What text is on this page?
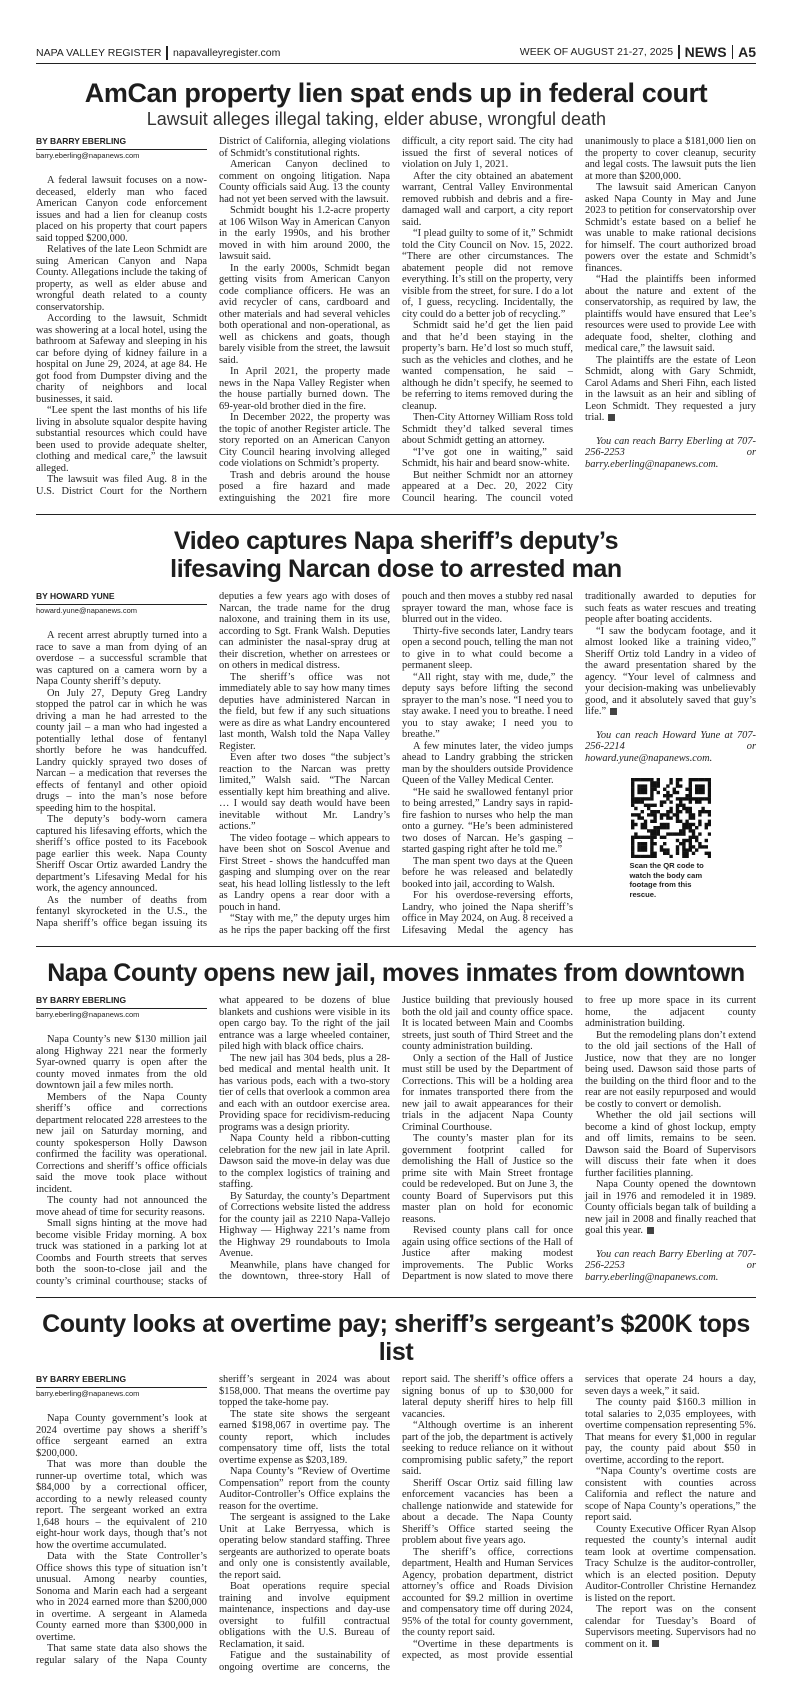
NAPA VALLEY REGISTER napavalleyregister.com	WEEK OF AUGUST 21-27, 2025 NEWS A5
AmCan property lien spat ends up in federal court
Lawsuit alleges illegal taking, elder abuse, wrongful death
BY BARRY EBERLING
barry.eberling@napanews.com

A federal lawsuit focuses on a now-deceased, elderly man who faced American Canyon code enforcement issues and had a lien for cleanup costs placed on his property that court papers said topped $200,000.

Relatives of the late Leon Schmidt are suing American Canyon and Napa County. Allegations include the taking of property, as well as elder abuse and wrongful death related to a county conservatorship.

According to the lawsuit, Schmidt was showering at a local hotel, using the bathroom at Safeway and sleeping in his car before dying of kidney failure in a hospital on June 29, 2024, at age 84. He got food from Dumpster diving and the charity of neighbors and local businesses, it said.

“Lee spent the last months of his life living in absolute squalor despite having substantial resources which could have been used to provide adequate shelter, clothing and medical care,” the lawsuit alleged.

The lawsuit was filed Aug. 8 in the U.S. District Court for the Northern District of California, alleging violations of Schmidt’s constitutional rights.

American Canyon declined to comment on ongoing litigation. Napa County officials said Aug. 13 the county had not yet been served with the lawsuit.

Schmidt bought his 1.2-acre property at 106 Wilson Way in American Canyon in the early 1990s, and his brother moved in with him around 2000, the lawsuit said.

In the early 2000s, Schmidt began getting visits from American Canyon code compliance officers. He was an avid recycler of cans, cardboard and other materials and had several vehicles both operational and non-operational, as well as chickens and goats, though barely visible from the street, the lawsuit said.

In April 2021, the property made news in the Napa Valley Register when the house partially burned down. The 69-year-old brother died in the fire.

In December 2022, the property was the topic of another Register article. The story reported on an American Canyon City Council hearing involving alleged code violations on Schmidt’s property.

Trash and debris around the house posed a fire hazard and made extinguishing the 2021 fire more difficult, a city report said. The city had issued the first of several notices of violation on July 1, 2021.

After the city obtained an abatement warrant, Central Valley Environmental removed rubbish and debris and a fire-damaged wall and carport, a city report said.

“I plead guilty to some of it,” Schmidt told the City Council on Nov. 15, 2022. “There are other circumstances. The abatement people did not remove everything. It’s still on the property, very visible from the street, for sure. I do a lot of, I guess, recycling. Incidentally, the city could do a better job of recycling.”

Schmidt said he’d get the lien paid and that he’d been staying in the property’s barn. He’d lost so much stuff, such as the vehicles and clothes, and he wanted compensation, he said – although he didn’t specify, he seemed to be referring to items removed during the cleanup.

Then-City Attorney William Ross told Schmidt they’d talked several times about Schmidt getting an attorney.

“I’ve got one in waiting,” said Schmidt, his hair and beard snow-white.

But neither Schmidt nor an attorney appeared at a Dec. 20, 2022 City Council hearing. The council voted unanimously to place a $181,000 lien on the property to cover cleanup, security and legal costs. The lawsuit puts the lien at more than $200,000.

The lawsuit said American Canyon asked Napa County in May and June 2023 to petition for conservatorship over Schmidt’s estate based on a belief he was unable to make rational decisions for himself. The court authorized broad powers over the estate and Schmidt’s finances.

“Had the plaintiffs been informed about the nature and extent of the conservatorship, as required by law, the plaintiffs would have ensured that Lee’s resources were used to provide Lee with adequate food, shelter, clothing and medical care,” the lawsuit said.

The plaintiffs are the estate of Leon Schmidt, along with Gary Schmidt, Carol Adams and Sheri Fihn, each listed in the lawsuit as an heir and sibling of Leon Schmidt. They requested a jury trial.

You can reach Barry Eberling at 707-256-2253 or barry.eberling@napanews.com.

Video captures Napa sheriff’s deputy’s lifesaving Narcan dose to arrested man
BY HOWARD YUNE
howard.yune@napanews.com

A recent arrest abruptly turned into a race to save a man from dying of an overdose – a successful scramble that was captured on a camera worn by a Napa County sheriff’s deputy.

On July 27, Deputy Greg Landry stopped the patrol car in which he was driving a man he had arrested to the county jail – a man who had ingested a potentially lethal dose of fentanyl shortly before he was handcuffed. Landry quickly sprayed two doses of Narcan – a medication that reverses the effects of fentanyl and other opioid drugs – into the man’s nose before speeding him to the hospital.

The deputy’s body-worn camera captured his lifesaving efforts, which the sheriff’s office posted to its Facebook page earlier this week. Napa County Sheriff Oscar Ortiz awarded Landry the department’s Lifesaving Medal for his work, the agency announced.

As the number of deaths from fentanyl skyrocketed in the U.S., the Napa sheriff’s office began issuing its deputies a few years ago with doses of Narcan, the trade name for the drug naloxone, and training them in its use, according to Sgt. Frank Walsh. Deputies can administer the nasal-spray drug at their discretion, whether on arrestees or on others in medical distress.

The sheriff’s office was not immediately able to say how many times deputies have administered Narcan in the field, but few if any such situations were as dire as what Landry encountered last month, Walsh told the Napa Valley Register.

Even after two doses “the subject’s reaction to the Narcan was pretty limited,” Walsh said. “The Narcan essentially kept him breathing and alive. … I would say death would have been inevitable without Mr. Landry’s actions.”

The video footage – which appears to have been shot on Soscol Avenue and First Street - shows the handcuffed man gasping and slumping over on the rear seat, his head lolling listlessly to the left as Landry opens a rear door with a pouch in hand.

“Stay with me,” the deputy urges him as he rips the paper backing off the first pouch and then moves a stubby red nasal sprayer toward the man, whose face is blurred out in the video.

Thirty-five seconds later, Landry tears open a second pouch, telling the man not to give in to what could become a permanent sleep.

“All right, stay with me, dude,” the deputy says before lifting the second sprayer to the man’s nose. “I need you to stay awake. I need you to breathe. I need you to stay awake; I need you to breathe.”

A few minutes later, the video jumps ahead to Landry grabbing the stricken man by the shoulders outside Providence Queen of the Valley Medical Center.

“He said he swallowed fentanyl prior to being arrested,” Landry says in rapid-fire fashion to nurses who help the man onto a gurney. “He’s been administered two doses of Narcan. He’s gasping – started gasping right after he told me.”

The man spent two days at the Queen before he was released and belatedly booked into jail, according to Walsh.

For his overdose-reversing efforts, Landry, who joined the Napa sheriff’s office in May 2024, on Aug. 8 received a Lifesaving Medal the agency has traditionally awarded to deputies for such feats as water rescues and treating people after boating accidents.

“I saw the bodycam footage, and it almost looked like a training video,” Sheriff Ortiz told Landry in a video of the award presentation shared by the agency. “Your level of calmness and your decision-making was unbelievably good, and it absolutely saved that guy’s life.”

You can reach Howard Yune at 707-256-2214 or howard.yune@napanews.com.

Scan the QR code to watch the body cam footage from this rescue.
Napa County opens new jail, moves inmates from downtown
BY BARRY EBERLING
barry.eberling@napanews.com

Napa County’s new $130 million jail along Highway 221 near the formerly Syar-owned quarry is open after the county moved inmates from the old downtown jail a few miles north.

Members of the Napa County sheriff’s office and corrections department relocated 228 arrestees to the new jail on Saturday morning, and county spokesperson Holly Dawson confirmed the facility was operational. Corrections and sheriff’s office officials said the move took place without incident.

The county had not announced the move ahead of time for security reasons.

Small signs hinting at the move had become visible Friday morning. A box truck was stationed in a parking lot at Coombs and Fourth streets that serves both the soon-to-close jail and the county’s criminal courthouse; stacks of what appeared to be dozens of blue blankets and cushions were visible in its open cargo bay. To the right of the jail entrance was a large wheeled container, piled high with black office chairs.

The new jail has 304 beds, plus a 28-bed medical and mental health unit. It has various pods, each with a two-story tier of cells that overlook a common area and each with an outdoor exercise area. Providing space for recidivism-reducing programs was a design priority.

Napa County held a ribbon-cutting celebration for the new jail in late April. Dawson said the move-in delay was due to the complex logistics of training and staffing.

By Saturday, the county’s Department of Corrections website listed the address for the county jail as 2210 Napa-Vallejo Highway — Highway 221’s name from the Highway 29 roundabouts to Imola Avenue.

Meanwhile, plans have changed for the downtown, three-story Hall of Justice building that previously housed both the old jail and county office space. It is located between Main and Coombs streets, just south of Third Street and the county administration building.

Only a section of the Hall of Justice must still be used by the Department of Corrections. This will be a holding area for inmates transported there from the new jail to await appearances for their trials in the adjacent Napa County Criminal Courthouse.

The county’s master plan for its government footprint called for demolishing the Hall of Justice so the prime site with Main Street frontage could be redeveloped. But on June 3, the county Board of Supervisors put this master plan on hold for economic reasons.

Revised county plans call for once again using office sections of the Hall of Justice after making modest improvements. The Public Works Department is now slated to move there to free up more space in its current home, the adjacent county administration building.

But the remodeling plans don’t extend to the old jail sections of the Hall of Justice, now that they are no longer being used. Dawson said those parts of the building on the third floor and to the rear are not easily repurposed and would be costly to convert or demolish.

Whether the old jail sections will become a kind of ghost lockup, empty and off limits, remains to be seen. Dawson said the Board of Supervisors will discuss their fate when it does further facilities planning.

Napa County opened the downtown jail in 1976 and remodeled it in 1989. County officials began talk of building a new jail in 2008 and finally reached that goal this year.

You can reach Barry Eberling at 707-256-2253 or barry.eberling@napanews.com.

County looks at overtime pay; sheriff’s sergeant’s $200K tops list
BY BARRY EBERLING
barry.eberling@napanews.com

Napa County government’s look at 2024 overtime pay shows a sheriff’s office sergeant earned an extra $200,000.

That was more than double the runner-up overtime total, which was $84,000 by a correctional officer, according to a newly released county report. The sergeant worked an extra 1,648 hours – the equivalent of 210 eight-hour work days, though that’s not how the overtime accumulated.

Data with the State Controller’s Office shows this type of situation isn’t unusual. Among nearby counties, Sonoma and Marin each had a sergeant who in 2024 earned more than $200,000 in overtime. A sergeant in Alameda County earned more than $300,000 in overtime.

That same state data also shows the regular salary of the Napa County sheriff’s sergeant in 2024 was about $158,000. That means the overtime pay topped the take-home pay.

The state site shows the sergeant earned $198,067 in overtime pay. The county report, which includes compensatory time off, lists the total overtime expense as $203,189.

Napa County’s “Review of Overtime Compensation” report from the county Auditor-Controller’s Office explains the reason for the overtime.

The sergeant is assigned to the Lake Unit at Lake Berryessa, which is operating below standard staffing. Three sergeants are authorized to operate boats and only one is consistently available, the report said.

Boat operations require special training and involve equipment maintenance, inspections and day-use oversight to fulfill contractual obligations with the U.S. Bureau of Reclamation, it said.

Fatigue and the sustainability of ongoing overtime are concerns, the report said. The sheriff’s office offers a signing bonus of up to $30,000 for lateral deputy sheriff hires to help fill vacancies.

“Although overtime is an inherent part of the job, the department is actively seeking to reduce reliance on it without compromising public safety,” the report said.

Sheriff Oscar Ortiz said filling law enforcement vacancies has been a challenge nationwide and statewide for about a decade. The Napa County Sheriff’s Office started seeing the problem about five years ago.

The sheriff’s office, corrections department, Health and Human Services Agency, probation department, district attorney’s office and Roads Division accounted for $9.2 million in overtime and compensatory time off during 2024, 95% of the total for county government, the county report said.

“Overtime in these departments is expected, as most provide essential services that operate 24 hours a day, seven days a week,” it said.

The county paid $160.3 million in total salaries to 2,035 employees, with overtime compensation representing 5%. That means for every $1,000 in regular pay, the county paid about $50 in overtime, according to the report.

“Napa County’s overtime costs are consistent with counties across California and reflect the nature and scope of Napa County’s operations,” the report said.

County Executive Officer Ryan Alsop requested the county’s internal audit team look at overtime compensation. Tracy Schulze is the auditor-controller, which is an elected position. Deputy Auditor-Controller Christine Hernandez is listed on the report.

The report was on the consent calendar for Tuesday’s Board of Supervisors meeting. Supervisors had no comment on it.
